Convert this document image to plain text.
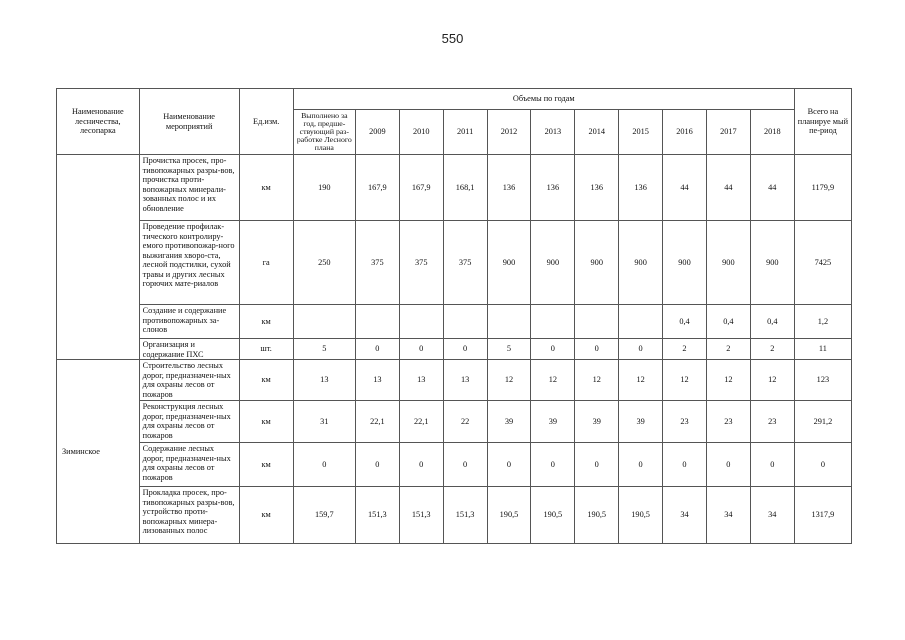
550
Наименование лесничества, лесопарка	Наименование мероприятий	Ед.изм.	Объемы по годам											Всего на планируе мый пе-риод
			Выполнено за год, предше-ствующий раз-работке Лесного плана	2009	2010	2011	2012	2013	2014	2015	2016	2017	2018	
	Прочистка просек, про-тивопожарных разры-вов, прочистка проти-вопожарных минерали-зованных полос и их обновление	км	190	167,9	167,9	168,1	136	136	136	136	44	44	44	1179,9
	Проведение профилак-тического контролиру-емого противопожар-ного выжигания хворо-ста, лесной подстилки, сухой травы и других лесных горючих мате-риалов	га	250	375	375	375	900	900	900	900	900	900	900	7425
	Создание и содержание противопожарных за-слонов	км									0,4	0,4	0,4	1,2
	Организация и содержание ПХС	шт.	5	0	0	0	5	0	0	0	2	2	2	11
Зиминское	Строительство лесных дорог, предназначен-ных для охраны лесов от пожаров	км	13	13	13	13	12	12	12	12	12	12	12	123
	Реконструкция лесных дорог, предназначен-ных для охраны лесов от пожаров	км	31	22,1	22,1	22	39	39	39	39	23	23	23	291,2
	Содержание лесных дорог, предназначен-ных для охраны лесов от пожаров	км	0	0	0	0	0	0	0	0	0	0	0	0
	Прокладка просек, про-тивопожарных разры-вов, устройство проти-вопожарных минера-лизованных полос	км	159,7	151,3	151,3	151,3	190,5	190,5	190,5	190,5	34	34	34	1317,9
